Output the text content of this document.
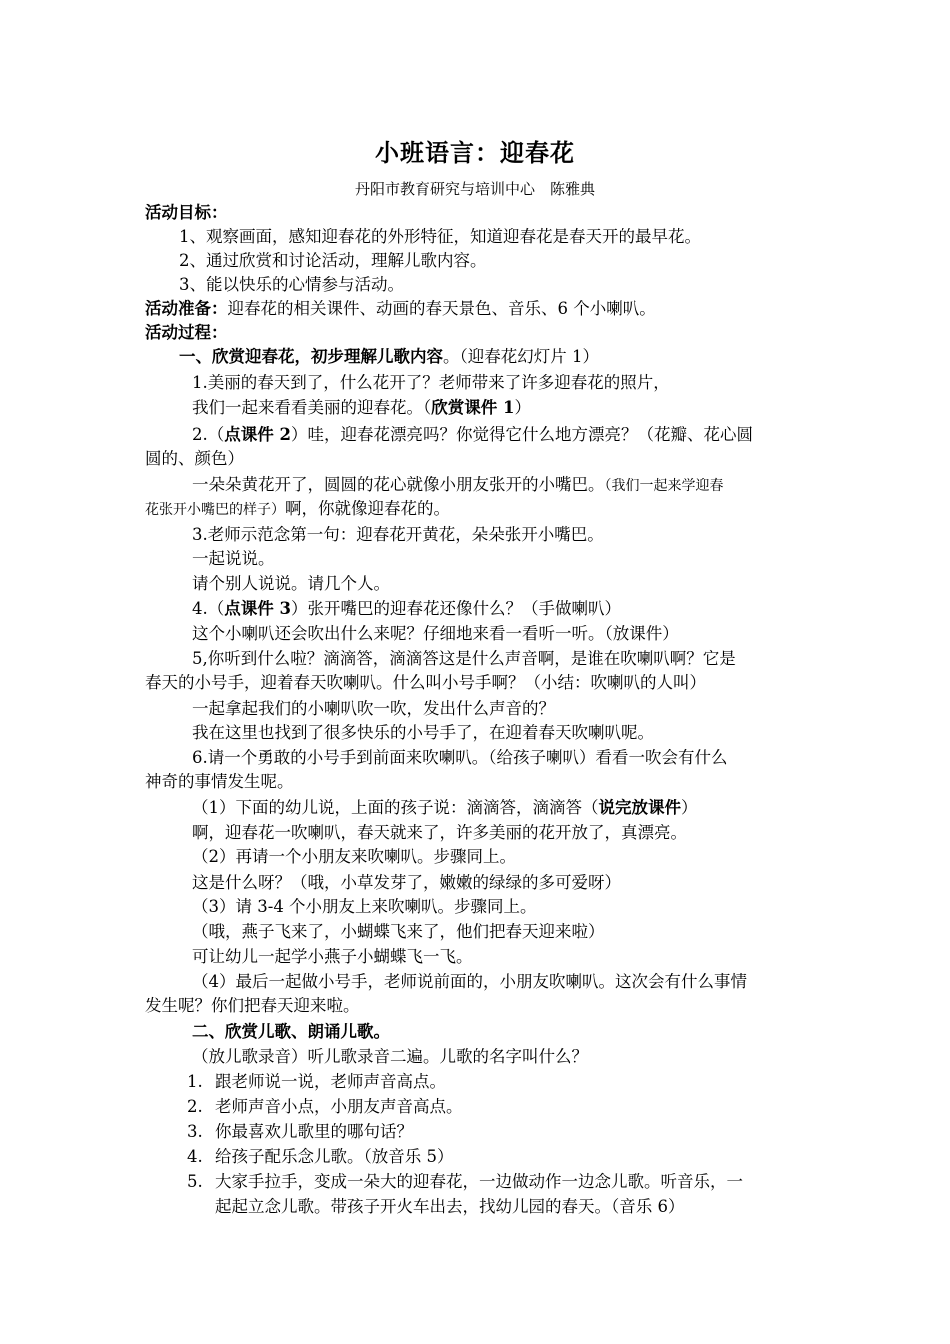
小班语言：迎春花
丹阳市教育研究与培训中心　陈雅典
活动目标：
1、观察画面，感知迎春花的外形特征，知道迎春花是春天开的最早花。
2、通过欣赏和讨论活动，理解儿歌内容。
3、能以快乐的心情参与活动。
活动准备：迎春花的相关课件、动画的春天景色、音乐、6 个小喇叭。
活动过程：
一、欣赏迎春花，初步理解儿歌内容。（迎春花幻灯片 1）
1.美丽的春天到了，什么花开了？老师带来了许多迎春花的照片，
我们一起来看看美丽的迎春花。（欣赏课件 1）
2.（点课件 2）哇，迎春花漂亮吗？你觉得它什么地方漂亮？（花瓣、花心圆
圆的、颜色）
一朵朵黄花开了，圆圆的花心就像小朋友张开的小嘴巴。（我们一起来学迎春
花张开小嘴巴的样子）啊，你就像迎春花的。
3.老师示范念第一句：迎春花开黄花，朵朵张开小嘴巴。
一起说说。
请个别人说说。请几个人。
4.（点课件 3）张开嘴巴的迎春花还像什么？（手做喇叭）
这个小喇叭还会吹出什么来呢？仔细地来看一看听一听。（放课件）
5,你听到什么啦？滴滴答，滴滴答这是什么声音啊，是谁在吹喇叭啊？它是
春天的小号手，迎着春天吹喇叭。什么叫小号手啊？（小结：吹喇叭的人叫）
一起拿起我们的小喇叭吹一吹，发出什么声音的？
我在这里也找到了很多快乐的小号手了，在迎着春天吹喇叭呢。
6.请一个勇敢的小号手到前面来吹喇叭。（给孩子喇叭）看看一吹会有什么
神奇的事情发生呢。
（1）下面的幼儿说，上面的孩子说：滴滴答，滴滴答（说完放课件）
啊，迎春花一吹喇叭，春天就来了，许多美丽的花开放了，真漂亮。
（2）再请一个小朋友来吹喇叭。步骤同上。
这是什么呀？（哦，小草发芽了，嫩嫩的绿绿的多可爱呀）
（3）请 3-4 个小朋友上来吹喇叭。步骤同上。
（哦，燕子飞来了，小蝴蝶飞来了，他们把春天迎来啦）
可让幼儿一起学小燕子小蝴蝶飞一飞。
（4）最后一起做小号手，老师说前面的，小朋友吹喇叭。这次会有什么事情
发生呢？你们把春天迎来啦。
二、欣赏儿歌、朗诵儿歌。
（放儿歌录音）听儿歌录音二遍。儿歌的名字叫什么？
1. 跟老师说一说，老师声音高点。
2. 老师声音小点，小朋友声音高点。
3. 你最喜欢儿歌里的哪句话？
4. 给孩子配乐念儿歌。（放音乐 5）
5. 大家手拉手，变成一朵大的迎春花，一边做动作一边念儿歌。听音乐，一
起起立念儿歌。带孩子开火车出去，找幼儿园的春天。（音乐 6）
